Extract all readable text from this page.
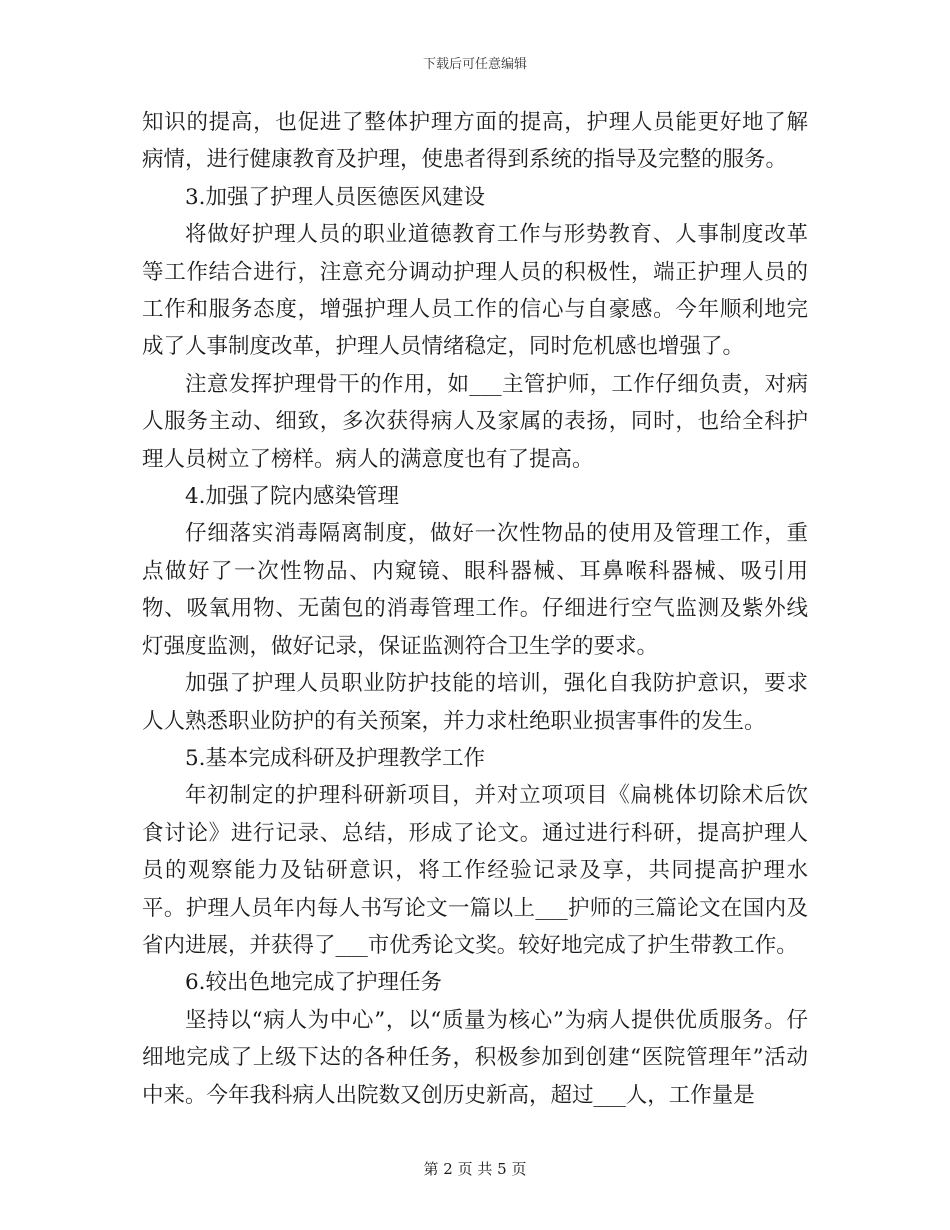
下载后可任意编辑

知识的提高，也促进了整体护理方面的提高，护理人员能更好地了解病情，进行健康教育及护理，使患者得到系统的指导及完整的服务。

3.加强了护理人员医德医风建设

将做好护理人员的职业道德教育工作与形势教育、人事制度改革等工作结合进行，注意充分调动护理人员的积极性，端正护理人员的工作和服务态度，增强护理人员工作的信心与自豪感。今年顺利地完成了人事制度改革，护理人员情绪稳定，同时危机感也增强了。

注意发挥护理骨干的作用，如___主管护师，工作仔细负责，对病人服务主动、细致，多次获得病人及家属的表扬，同时，也给全科护理人员树立了榜样。病人的满意度也有了提高。

4.加强了院内感染管理

仔细落实消毒隔离制度，做好一次性物品的使用及管理工作，重点做好了一次性物品、内窥镜、眼科器械、耳鼻喉科器械、吸引用物、吸氧用物、无菌包的消毒管理工作。仔细进行空气监测及紫外线灯强度监测，做好记录，保证监测符合卫生学的要求。

加强了护理人员职业防护技能的培训，强化自我防护意识，要求人人熟悉职业防护的有关预案，并力求杜绝职业损害事件的发生。

5.基本完成科研及护理教学工作

年初制定的护理科研新项目，并对立项项目《扁桃体切除术后饮食讨论》进行记录、总结，形成了论文。通过进行科研，提高护理人员的观察能力及钻研意识，将工作经验记录及享，共同提高护理水平。护理人员年内每人书写论文一篇以上___护师的三篇论文在国内及省内进展，并获得了___市优秀论文奖。较好地完成了护生带教工作。

6.较出色地完成了护理任务

坚持以“病人为中心”，以“质量为核心”为病人提供优质服务。仔细地完成了上级下达的各种任务，积极参加到创建“医院管理年”活动中来。今年我科病人出院数又创历史新高，超过___人，工作量是

第 2 页 共 5 页
